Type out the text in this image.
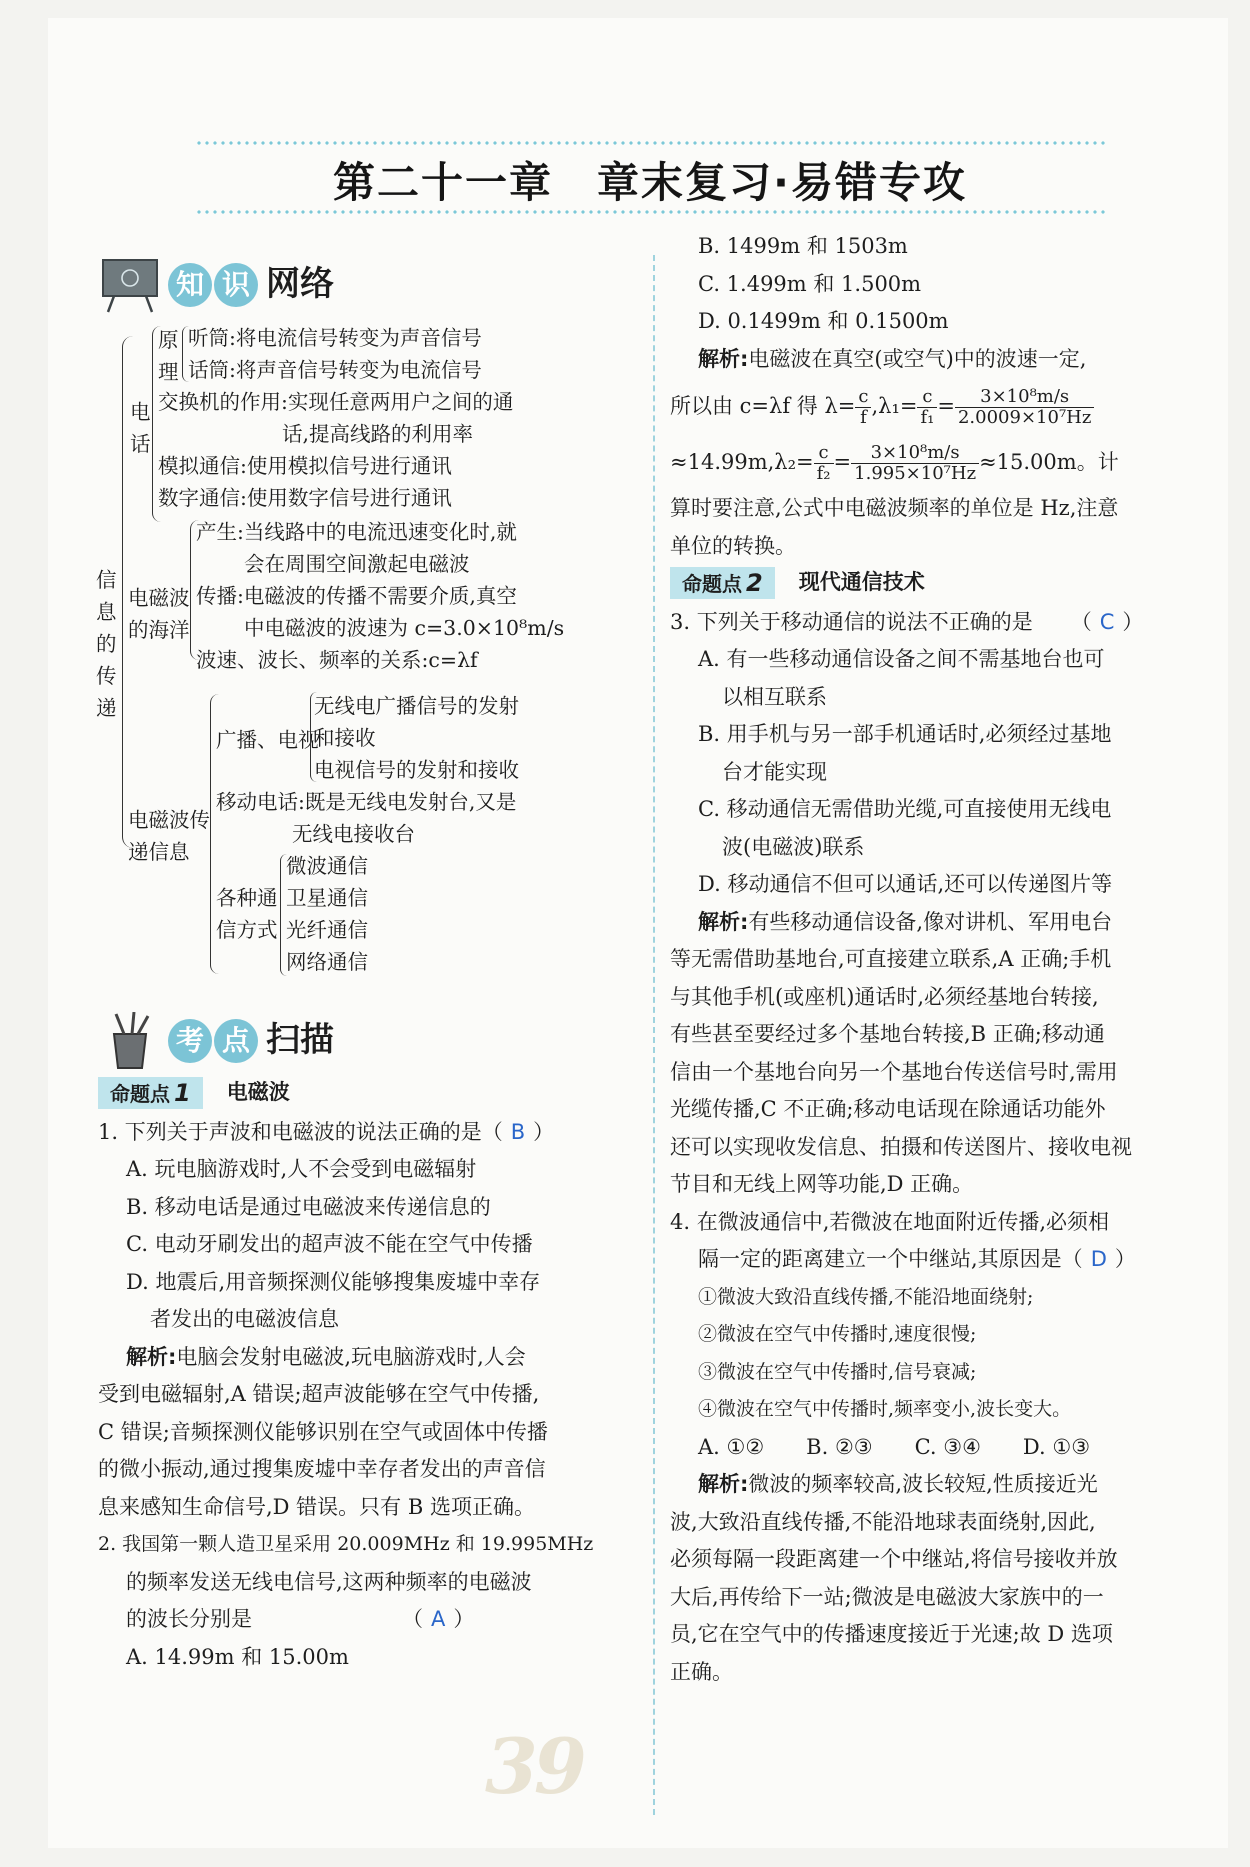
第二十一章　章末复习·易错专攻
知 识 网络
信息的传递
电话
原理
听筒:将电流信号转变为声音信号
话筒:将声音信号转变为电流信号
交换机的作用:实现任意两用户之间的通
话,提高线路的利用率
模拟通信:使用模拟信号进行通讯
数字通信:使用数字信号进行通讯
电磁波
的海洋
产生:当线路中的电流迅速变化时,就
会在周围空间激起电磁波
传播:电磁波的传播不需要介质,真空
中电磁波的波速为 c=3.0×10⁸m/s
波速、波长、频率的关系:c=λf
电磁波传
递信息
广播、电视
无线电广播信号的发射
和接收
电视信号的发射和接收
移动电话:既是无线电发射台,又是
无线电接收台
各种通
信方式
微波通信
卫星通信
光纤通信
网络通信
考 点 扫描
命题点 1	电磁波
1. 下列关于声波和电磁波的说法正确的是（ B ）
A. 玩电脑游戏时,人不会受到电磁辐射
B. 移动电话是通过电磁波来传递信息的
C. 电动牙刷发出的超声波不能在空气中传播
D. 地震后,用音频探测仪能够搜集废墟中幸存
者发出的电磁波信息
解析:电脑会发射电磁波,玩电脑游戏时,人会
受到电磁辐射,A 错误;超声波能够在空气中传播,
C 错误;音频探测仪能够识别在空气或固体中传播
的微小振动,通过搜集废墟中幸存者发出的声音信
息来感知生命信号,D 错误。只有 B 选项正确。
2. 我国第一颗人造卫星采用 20.009MHz 和 19.995MHz
的频率发送无线电信号,这两种频率的电磁波
的波长分别是	（ A ）
A. 14.99m 和 15.00m
B. 1499m 和 1503m
C. 1.499m 和 1.500m
D. 0.1499m 和 0.1500m
解析:电磁波在真空(或空气)中的波速一定,
所以由 c=λf 得 $\lambda= \frac{c}{f} ,\lambda_1= \frac{c}{\text{f₁}} = \frac{\text{3×10⁸m/s}}{\text{2.0009×10⁷Hz}}$
$\approx 14.99m,\lambda_2= \frac{c}{\text{f₂}} = \frac{\text{3×10⁸m/s}}{\text{1.995×10⁷Hz}} \approx 15.00m$。计
算时要注意,公式中电磁波频率的单位是 Hz,注意
单位的转换。
命题点 2	现代通信技术
3. 下列关于移动通信的说法不正确的是 （ C ）
A. 有一些移动通信设备之间不需基地台也可
以相互联系
B. 用手机与另一部手机通话时,必须经过基地
台才能实现
C. 移动通信无需借助光缆,可直接使用无线电
波(电磁波)联系
D. 移动通信不但可以通话,还可以传递图片等
解析:有些移动通信设备,像对讲机、军用电台
等无需借助基地台,可直接建立联系,A 正确;手机
与其他手机(或座机)通话时,必须经基地台转接,
有些甚至要经过多个基地台转接,B 正确;移动通
信由一个基地台向另一个基地台传送信号时,需用
光缆传播,C 不正确;移动电话现在除通话功能外
还可以实现收发信息、拍摄和传送图片、接收电视
节目和无线上网等功能,D 正确。
4. 在微波通信中,若微波在地面附近传播,必须相
隔一定的距离建立一个中继站,其原因是（ D ）
①微波大致沿直线传播,不能沿地面绕射;
②微波在空气中传播时,速度很慢;
③微波在空气中传播时,信号衰减;
④微波在空气中传播时,频率变小,波长变大。
A. ①②　　B. ②③　　C. ③④　　D. ①③
解析:微波的频率较高,波长较短,性质接近光
波,大致沿直线传播,不能沿地球表面绕射,因此,
必须每隔一段距离建一个中继站,将信号接收并放
大后,再传给下一站;微波是电磁波大家族中的一
员,它在空气中的传播速度接近于光速;故 D 选项
正确。
39
